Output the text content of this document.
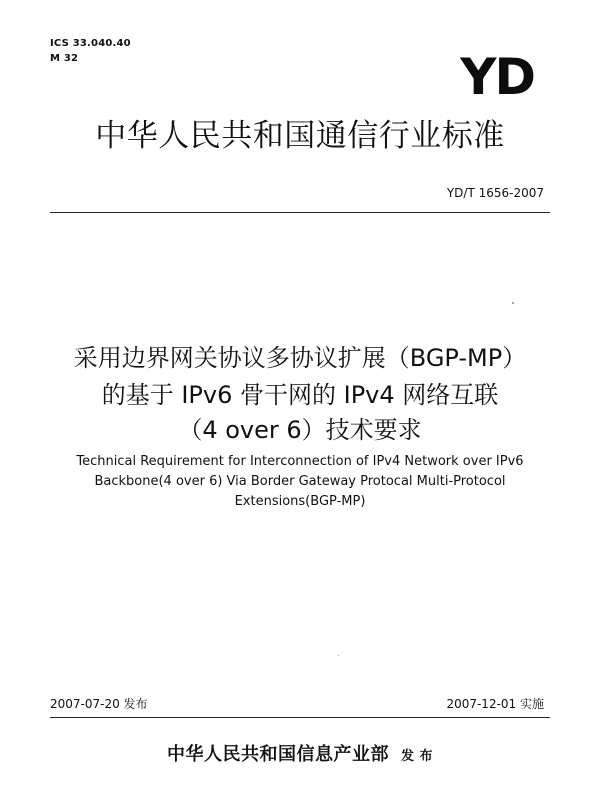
ICS 33.040.40
M 32	YD
中华人民共和国通信行业标准
YD/T 1656-2007
采用边界网关协议多协议扩展（BGP-MP）
的基于 IPv6 骨干网的 IPv4 网络互联
（4 over 6）技术要求
Technical Requirement for Interconnection of IPv4 Network over IPv6
Backbone(4 over 6) Via Border Gateway Protocal Multi-Protocol
Extensions(BGP-MP)
2007-07-20 发布	2007-12-01 实施
中华人民共和国信息产业部 发 布
